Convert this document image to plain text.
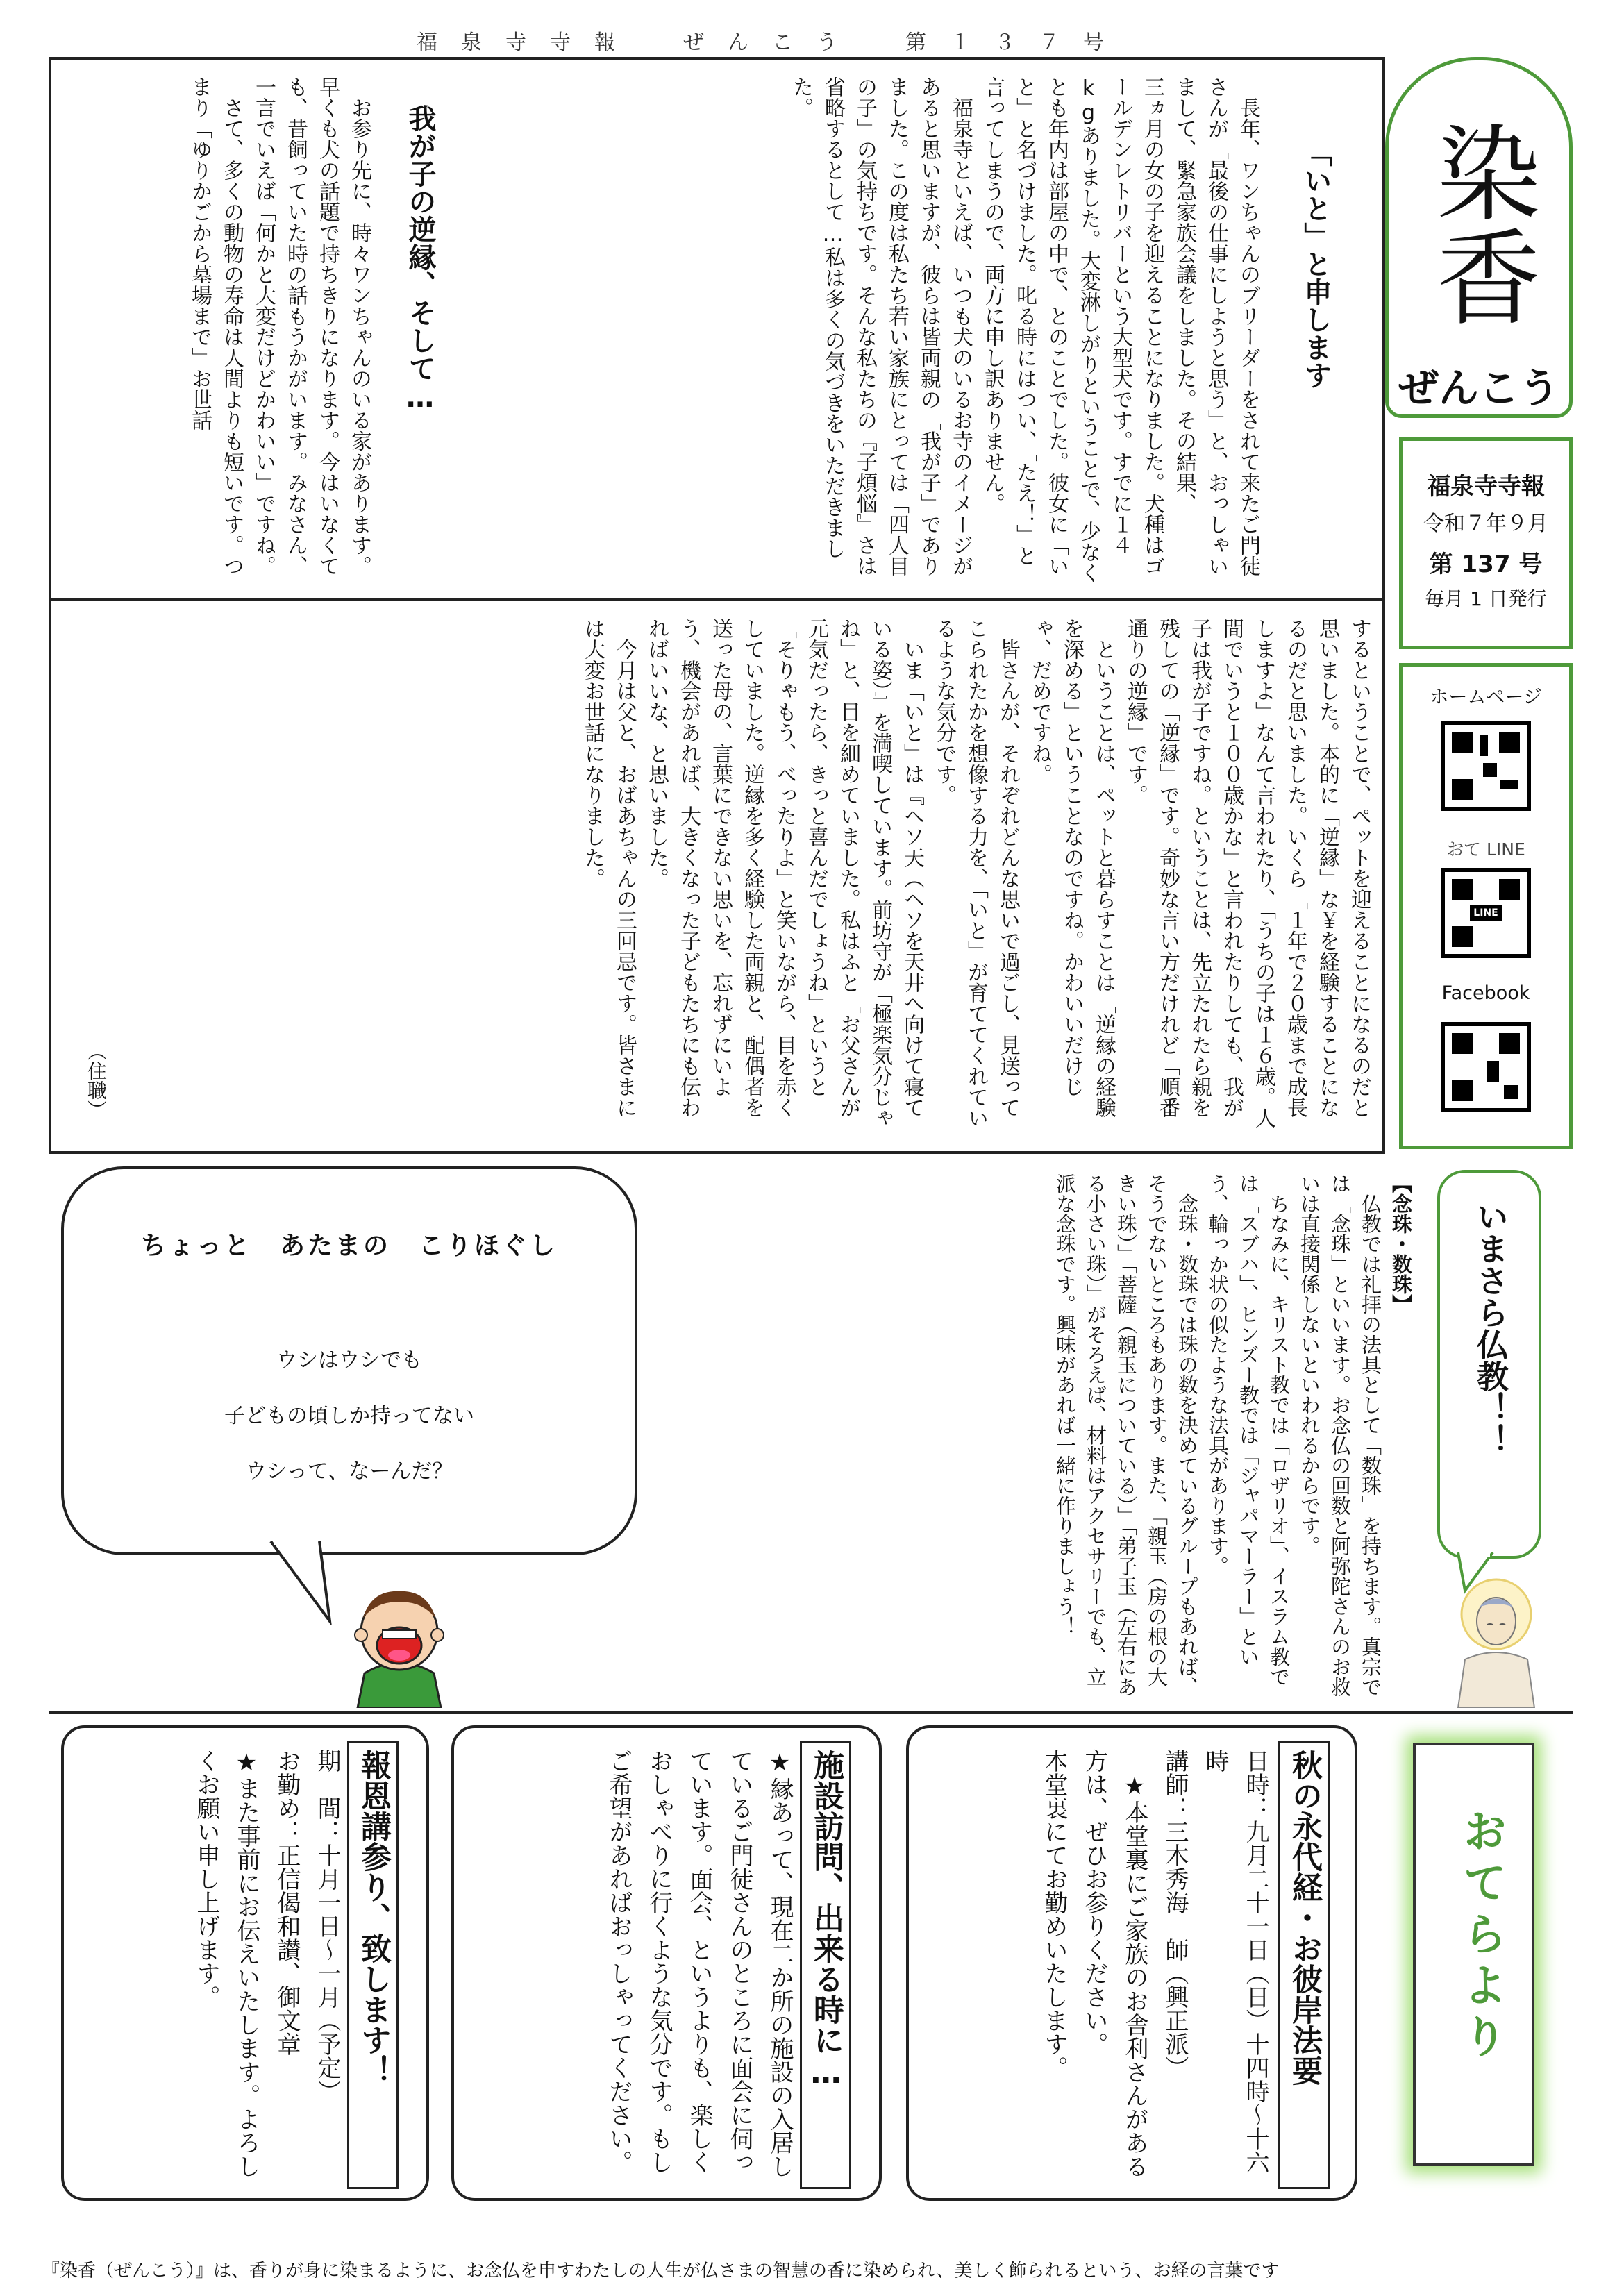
福　泉　寺　寺　報　　　ぜ　ん　こ　う　　　第　１　３　７　号
染香
ぜんこう
福泉寺寺報
令和７年９月
第 137 号
毎月 1 日発行
ホームページ
おて LINE
LINE
Facebook
「いと」と申します

　長年、ワンちゃんのブリーダーをされて来たご門徒さんが「最後の仕事にしようと思う」と、おっしゃいまして、緊急家族会議をしました。その結果、

三ヵ月の女の子を迎えることになりました。犬種はゴールデンレトリバーという大型犬です。すでに１４ kgありました。大変淋しがりということで、少なくとも年内は部屋の中で、とのことでした。彼女に「いと」と名づけました。叱る時にはつい、「たえ！」と言ってしまうので、両方に申し訳ありません。

　福泉寺といえば、いつも犬のいるお寺のイメージがあると思いますが、彼らは皆両親の「我が子」でありました。この度は私たち若い家族にとっては「四人目の子」の気持ちです。そんな私たちの『子煩悩』さは省略するとして…私は多くの気づきをいただきました。

我が子の逆縁、そして…

　お参り先に、時々ワンちゃんのいる家があります。早くも犬の話題で持ちきりになります。今はいなくても、昔飼っていた時の話もうかがいます。みなさん、一言でいえば「何かと大変だけどかわいい」ですね。

　さて、多くの動物の寿命は人間よりも短いです。つまり「ゆりかごから墓場まで」お世話

するということで、ペットを迎えることになるのだと思いました。本的に「逆縁」な￥を経験することになるのだと思いました。いくら「１年で２０歳まで成長しますよ」なんて言われたり、「うちの子は１６歳。人間でいうと１００歳かな」と言われたりしても、我が子は我が子ですね。ということは、先立たれたら親を残しての「逆縁」です。奇妙な言い方だけれど「順番通りの逆縁」です。

　ということは、ペットと暮らすことは「逆縁の経験を深める」ということなのですね。かわいいだけじゃ、だめですね。

　皆さんが、それぞれどんな思いで過ごし、見送ってこられたかを想像する力を、「いと」が育ててくれているような気分です。

　いま「いと」は『ヘソ天（ヘソを天井へ向けて寝ている姿）』を満喫しています。前坊守が「極楽気分じゃね」と、目を細めていました。私はふと「お父さんが元気だったら、きっと喜んだでしょうね」というと「そりゃもう、べったりよ」と笑いながら、目を赤くしていました。逆縁を多く経験した両親と、配偶者を送った母の、言葉にできない思いを、忘れずにいよう、機会があれば、大きくなった子どもたちにも伝わればいいな、と思いました。

　今月は父と、おばあちゃんの三回忌です。皆さまには大変お世話になりました。

（住職）
ちょっと　あたまの　こりほぐし
ウシはウシでも
子どもの頃しか持ってない
ウシって、なーんだ？
いまさら仏教！！

【念珠・数珠】

　仏教では礼拝の法具として「数珠」を持ちます。真宗では「念珠」といいます。お念仏の回数と阿弥陀さんのお救いは直接関係しないといわれるからです。

　ちなみに、キリスト教では「ロザリオ」、イスラム教では「スブハ」、ヒンズー教では「ジャパマーラー」という、輪っか状の似たような法具があります。

　念珠・数珠では珠の数を決めているグループもあれば、そうでないところもあります。また、「親玉（房の根の大きい珠）」「菩薩（親玉についている）」「弟子玉（左右にある小さい珠）」がそろえば、材料はアクセサリーでも、立派な念珠です。興味があれば一緒に作りましょう！

おてらより
秋の永代経・お彼岸法要

日時：九月二十一日（日）十四時～十六時

講師：三木秀海　師（興正派）

　★本堂裏にご家族のお舎利さんがある方は、ぜひお参りください。

本堂裏にてお勤めいたします。

施設訪問、出来る時に…

★縁あって、現在二か所の施設の入居しているご門徒さんのところに面会に伺っています。面会、というよりも、楽しくおしゃべりに行くような気分です。もしご希望があればおっしゃってください。

報恩講参り、致します！

期　間：十月一日～一月（予定）

お勤め：正信偈和讃、御文章

★また事前にお伝えいたします。よろしくお願い申し上げます。

『染香（ぜんこう）』は、香りが身に染まるように、お念仏を申すわたしの人生が仏さまの智慧の香に染められ、美しく飾られるという、お経の言葉です
